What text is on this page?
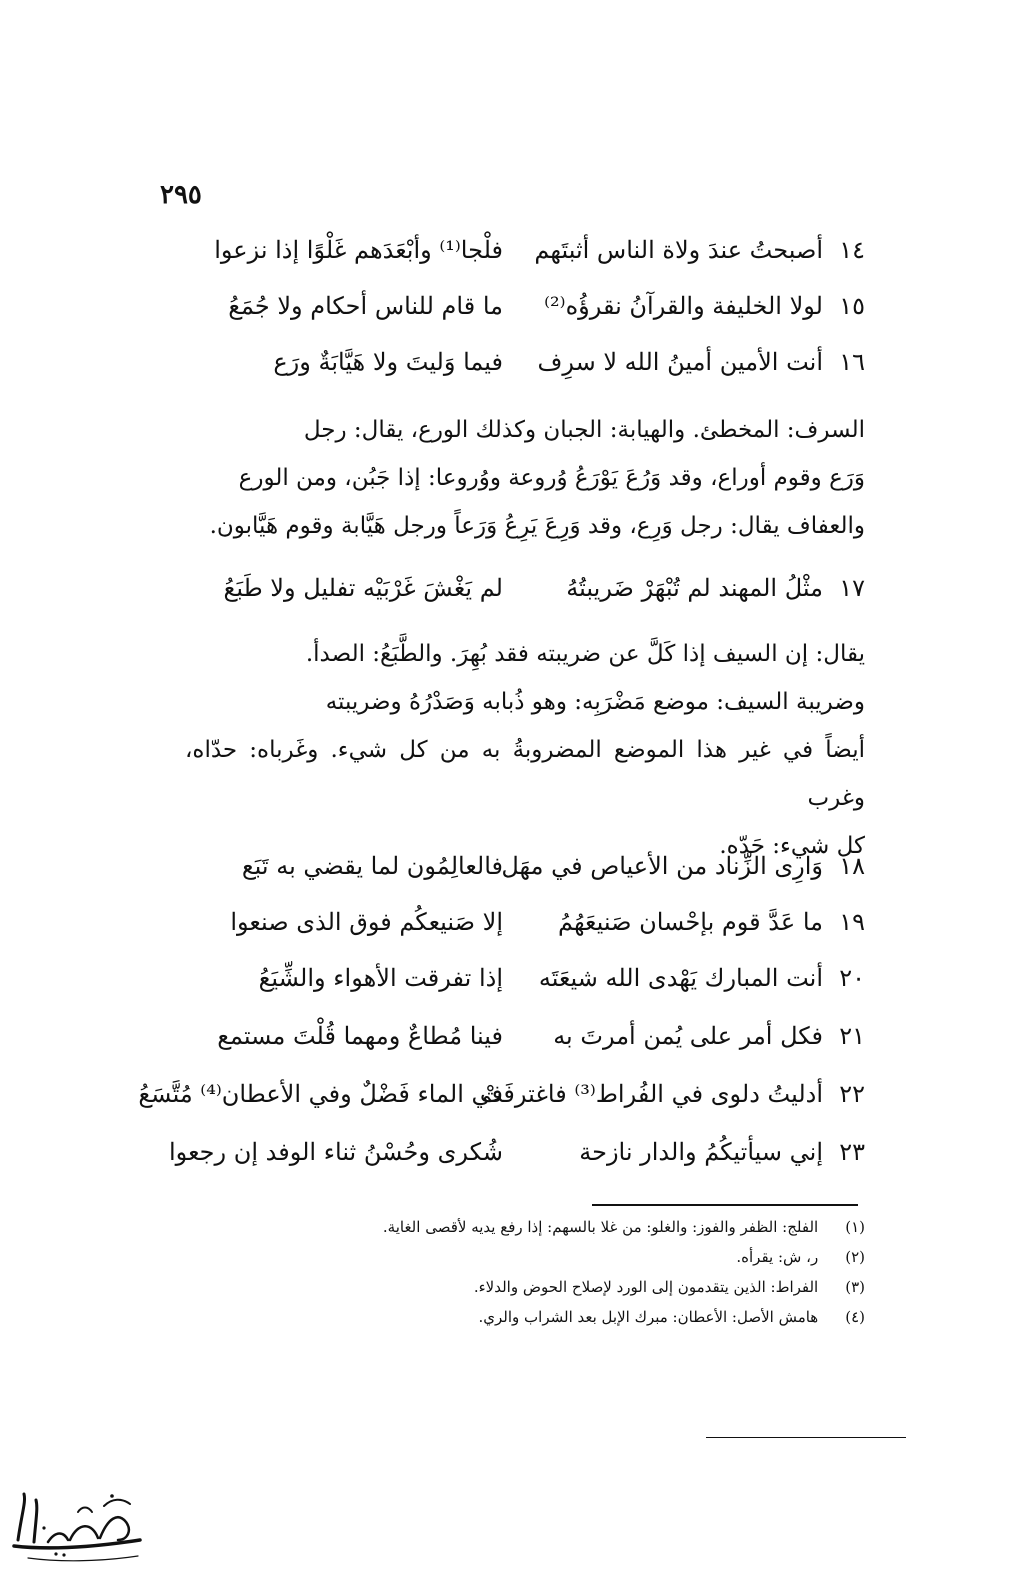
٢٩٥
١٤
أصبحتُ عندَ ولاة الناس أثبتَهم
فلْجا⁽¹⁾ وأبْعَدَهم غَلْوًا إذا نزعوا
١٥
لولا الخليفة والقرآنُ نقرؤُه⁽²⁾
ما قام للناس أحكام ولا جُمَعُ
١٦
أنت الأمين أمينُ الله لا سرِف
فيما وَليتَ ولا هَيَّابَةٌ ورَع

السرف: المخطئ. والهيابة: الجبان وكذلك الورع، يقال: رجل

وَرَع وقوم أوراع، وقد وَرُعَ يَوْرَعُ وُروعة ووُروعا: إذا جَبُن، ومن الورع

والعفاف يقال: رجل وَرِع، وقد وَرِعَ يَرِعُ وَرَعاً ورجل هَيَّابة وقوم هَيَّابون.

١٧
مثْلُ المهند لم تُبْهَرْ ضَريبتُهُ
لم يَغْشَ غَرْبَيْه تفليل ولا طَبَعُ

يقال: إن السيف إذا كَلَّ عن ضريبته فقد بُهِرَ. والطَّبَعُ: الصدأ.

وضريبة السيف: موضع مَضْرَبِه: وهو ذُبابه وَصَدْرُهُ وضريبته

أيضاً في غير هذا الموضع المضروبةُ به من كل شيء. وغَرباه: حدّاه، وغرب

كل شيء: حَدّه.

١٨
وَارِى الزِّناد من الأعياص في مهَل
فالعالِمُون لما يقضي به تَبَع
١٩
ما عَدَّ قوم بإحْسان صَنيعَهُمُ
إلا صَنيعكُم فوق الذى صنعوا
٢٠
أنت المبارك يَهْدى الله شيعَتَه
إذا تفرقت الأهواء والشِّيَعُ
٢١
فكل أمر على يُمن أمرتَ به
فينا مُطاعٌ ومهما قُلْتَ مستمع
٢٢
أدليتُ دلوى في الفُراط⁽³⁾ فاغترفَتْ
في الماء فَضْلٌ وفي الأعطان⁽⁴⁾ مُتَّسَعُ
٢٣
إني سيأتيكُمُ والدار نازحة
شُكرى وحُسْنُ ثناء الوفد إن رجعوا
(١) الفلج: الظفر والفوز: والغلو: من غلا بالسهم: إذا رفع يديه لأقصى الغاية.
(٢) ر، ش: يقرأه.
(٣) الفراط: الذين يتقدمون إلى الورد لإصلاح الحوض والدلاء.
(٤) هامش الأصل: الأعطان: مبرك الإبل بعد الشراب والري.
